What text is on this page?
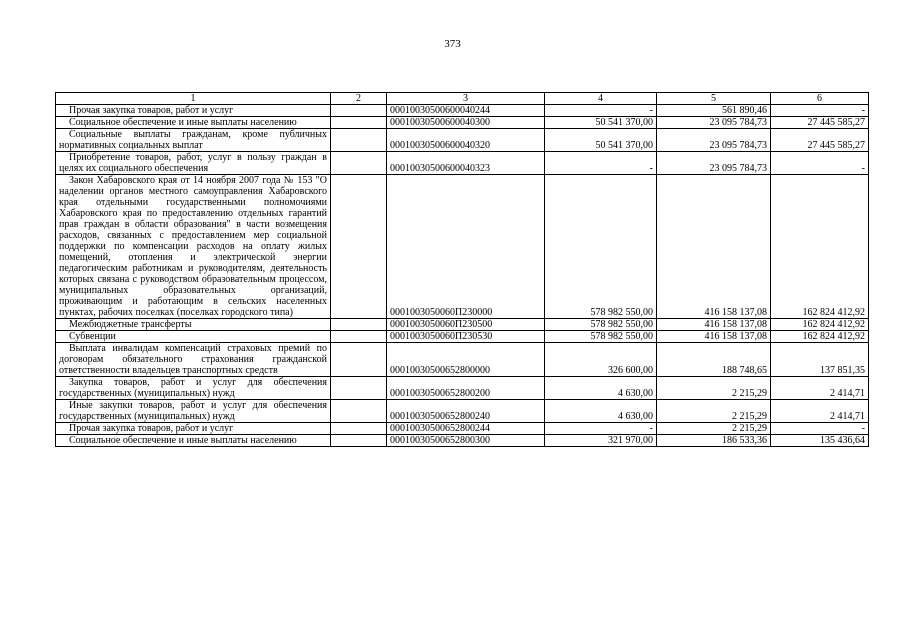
373
1	2	3	4	5	6
Прочая закупка товаров, работ и услуг		00010030500600040244	-	561 890,46	-
Социальное обеспечение и иные выплаты населению		00010030500600040300	50 541 370,00	23 095 784,73	27 445 585,27
Социальные выплаты гражданам, кроме публичных нормативных социальных выплат		00010030500600040320	50 541 370,00	23 095 784,73	27 445 585,27
Приобретение товаров, работ, услуг в пользу граждан в целях их социального обеспечения		00010030500600040323	-	23 095 784,73	-
Закон Хабаровского края от 14 ноября 2007 года № 153 "О наделении органов местного самоуправления Хабаровского края отдельными государственными полномочиями Хабаровского края по предоставлению отдельных гарантий прав граждан в области образования" в части возмещения расходов, связанных с предоставлением мер социальной поддержки по компенсации расходов на оплату жилых помещений, отопления и электрической энергии педагогическим работникам и руководителям, деятельность которых связана с руководством образовательным процессом, муниципальных образовательных организаций, проживающим и работающим в сельских населенных пунктах, рабочих поселках (поселках городского типа)		0001003050060П230000	578 982 550,00	416 158 137,08	162 824 412,92
Межбюджетные трансферты		0001003050060П230500	578 982 550,00	416 158 137,08	162 824 412,92
Субвенции		0001003050060П230530	578 982 550,00	416 158 137,08	162 824 412,92
Выплата инвалидам компенсаций страховых премий по договорам обязательного страхования гражданской ответственности владельцев транспортных средств		00010030500652800000	326 600,00	188 748,65	137 851,35
Закупка товаров, работ и услуг для обеспечения государственных (муниципальных) нужд		00010030500652800200	4 630,00	2 215,29	2 414,71
Иные закупки товаров, работ и услуг для обеспечения государственных (муниципальных) нужд		00010030500652800240	4 630,00	2 215,29	2 414,71
Прочая закупка товаров, работ и услуг		00010030500652800244	-	2 215,29	-
Социальное обеспечение и иные выплаты населению		00010030500652800300	321 970,00	186 533,36	135 436,64
